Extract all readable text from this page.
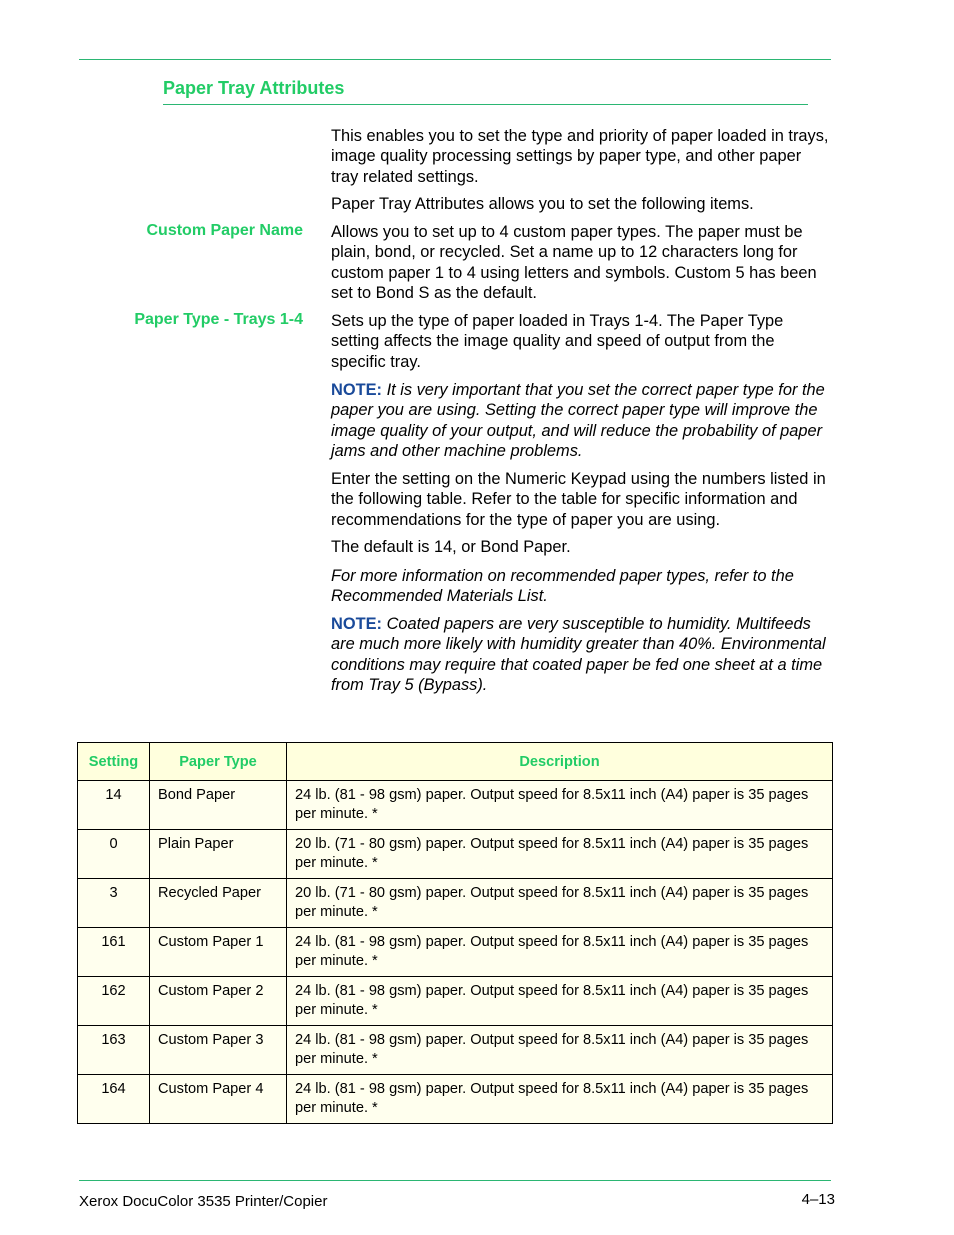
Paper Tray Attributes

This enables you to set the type and priority of paper loaded in trays, image quality processing settings by paper type, and other paper tray related settings.

Paper Tray Attributes allows you to set the following items.

Custom Paper Name Allows you to set up to 4 custom paper types. The paper must be plain, bond, or recycled. Set a name up to 12 characters long for custom paper 1 to 4 using letters and symbols. Custom 5 has been set to Bond S as the default.

Paper Type - Trays 1-4 Sets up the type of paper loaded in Trays 1-4. The Paper Type setting affects the image quality and speed of output from the specific tray.

NOTE: It is very important that you set the correct paper type for the paper you are using. Setting the correct paper type will improve the image quality of your output, and will reduce the probability of paper jams and other machine problems.

Enter the setting on the Numeric Keypad using the numbers listed in the following table. Refer to the table for specific information and recommendations for the type of paper you are using.

The default is 14, or Bond Paper.

For more information on recommended paper types, refer to the Recommended Materials List.

NOTE: Coated papers are very susceptible to humidity. Multifeeds are much more likely with humidity greater than 40%. Environmental conditions may require that coated paper be fed one sheet at a time from Tray 5 (Bypass).

Setting	Paper Type	Description
14	Bond Paper	24 lb. (81 - 98 gsm) paper. Output speed for 8.5x11 inch (A4) paper is 35 pages per minute. *
0	Plain Paper	20 lb. (71 - 80 gsm) paper. Output speed for 8.5x11 inch (A4) paper is 35 pages per minute. *
3	Recycled Paper	20 lb. (71 - 80 gsm) paper. Output speed for 8.5x11 inch (A4) paper is 35 pages per minute. *
161	Custom Paper 1	24 lb. (81 - 98 gsm) paper. Output speed for 8.5x11 inch (A4) paper is 35 pages per minute. *
162	Custom Paper 2	24 lb. (81 - 98 gsm) paper. Output speed for 8.5x11 inch (A4) paper is 35 pages per minute. *
163	Custom Paper 3	24 lb. (81 - 98 gsm) paper. Output speed for 8.5x11 inch (A4) paper is 35 pages per minute. *
164	Custom Paper 4	24 lb. (81 - 98 gsm) paper. Output speed for 8.5x11 inch (A4) paper is 35 pages per minute. *
Xerox DocuColor 3535 Printer/Copier	4–13
